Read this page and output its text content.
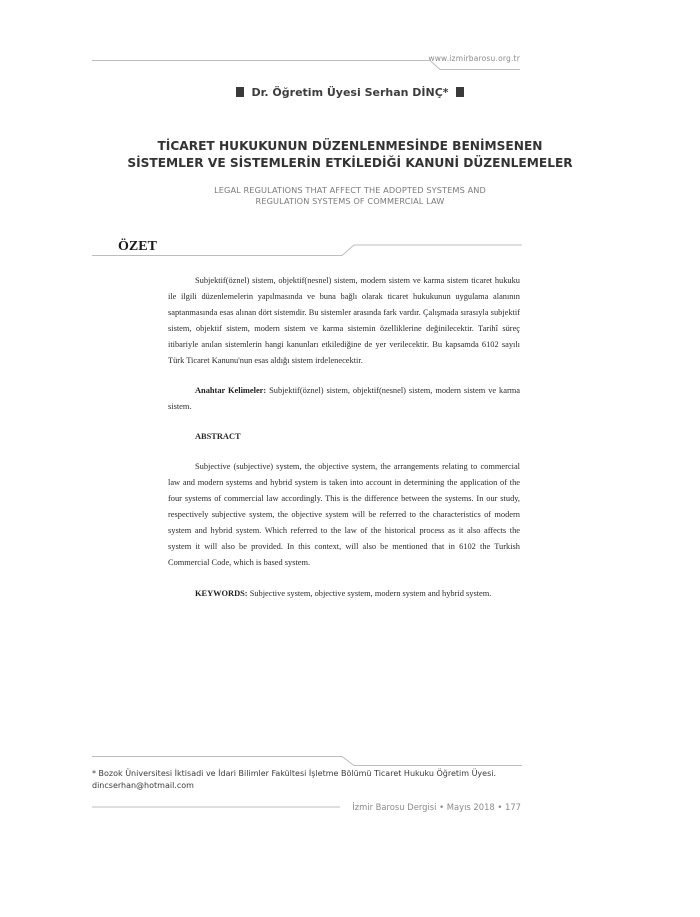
www.izmirbarosu.org.tr
Dr. Öğretim Üyesi Serhan DİNÇ*
TİCARET HUKUKUNUN DÜZENLENMESİNDE BENİMSENEN
SİSTEMLER VE SİSTEMLERİN ETKİLEDİĞİ KANUNİ DÜZENLEMELER
LEGAL REGULATIONS THAT AFFECT THE ADOPTED SYSTEMS AND
REGULATION SYSTEMS OF COMMERCIAL LAW
ÖZET

Subjektif(öznel) sistem, objektif(nesnel) sistem, modern sistem ve karma sistem ticaret hukuku ile ilgili düzenlemelerin yapılmasında ve buna bağlı olarak ticaret hukukunun uygulama alanının saptanmasında esas alınan dört sistemdir. Bu sistemler arasında fark vardır. Çalışmada sırasıyla subjektif sistem, objektif sistem, modern sistem ve karma sistemin özelliklerine değinilecektir. Tarihî süreç itibariyle anılan sistemlerin hangi kanunları etkilediğine de yer verilecektir. Bu kapsamda 6102 sayılı Türk Ticaret Kanunu'nun esas aldığı sistem irdelenecektir.

Anahtar Kelimeler: Subjektif(öznel) sistem, objektif(nesnel) sistem, modern sistem ve karma sistem.

ABSTRACT

Subjective (subjective) system, the objective system, the arrangements relating to commercial law and modern systems and hybrid system is taken into account in determining the application of the four systems of commercial law accordingly. This is the difference between the systems. In our study, respectively subjective system, the objective system will be referred to the characteristics of modern system and hybrid system. Which referred to the law of the historical process as it also affects the system it will also be provided. In this context, will also be mentioned that in 6102 the Turkish Commercial Code, which is based system.

KEYWORDS: Subjective system, objective system, modern system and hybrid system.

* Bozok Üniversitesi İktisadi ve İdari Bilimler Fakültesi İşletme Bölümü Ticaret Hukuku Öğretim Üyesi.
dincserhan@hotmail.com
İzmir Barosu Dergisi • Mayıs 2018 • 177
